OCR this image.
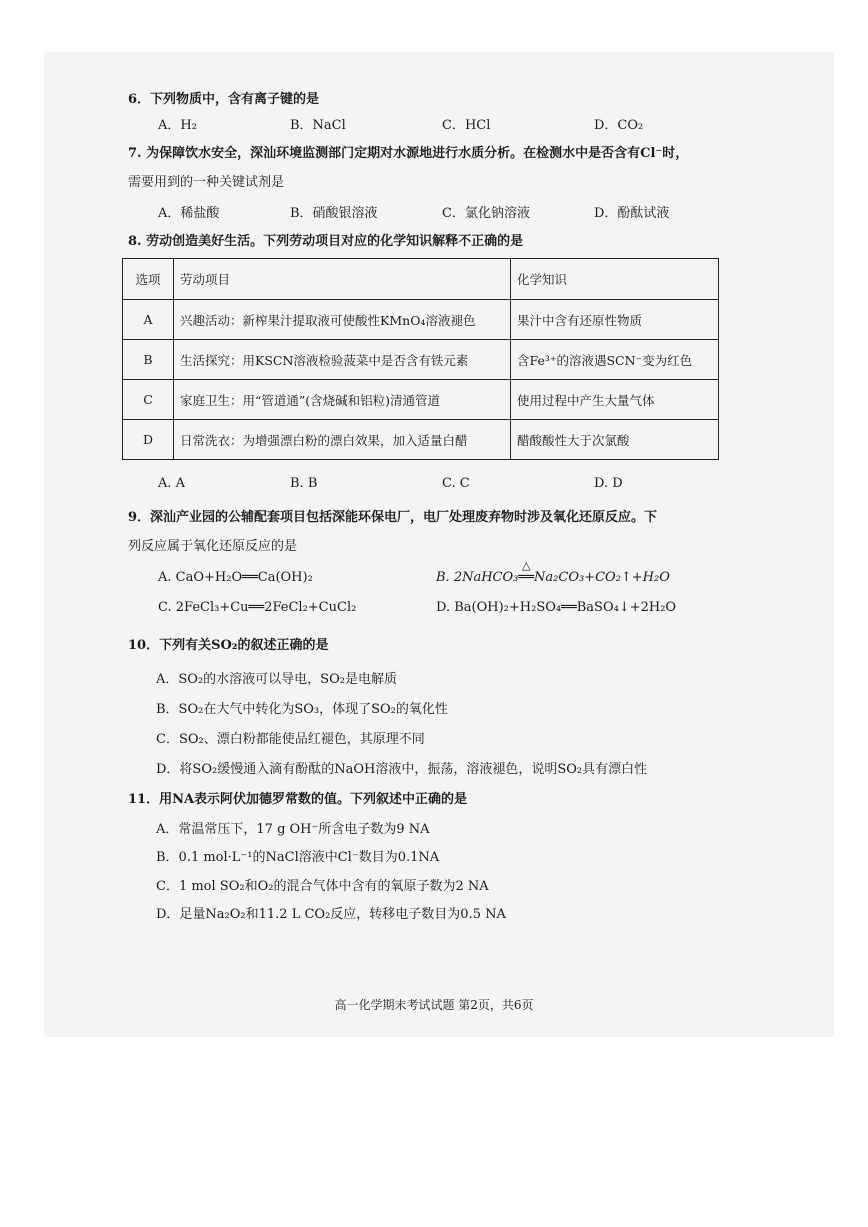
6．下列物质中，含有离子键的是
A．H₂	B．NaCl	C．HCl	D．CO₂
7. 为保障饮水安全，深汕环境监测部门定期对水源地进行水质分析。在检测水中是否含有Cl⁻时，
需要用到的一种关键试剂是
A．稀盐酸	B．硝酸银溶液	C．氯化钠溶液	D．酚酞试液
8. 劳动创造美好生活。下列劳动项目对应的化学知识解释不正确的是
选项	劳动项目	化学知识
A	兴趣活动：新榨果汁提取液可使酸性KMnO₄溶液褪色	果汁中含有还原性物质
B	生活探究：用KSCN溶液检验菠菜中是否含有铁元素	含Fe³⁺的溶液遇SCN⁻变为红色
C	家庭卫生：用“管道通”(含烧碱和铝粒)清通管道	使用过程中产生大量气体
D	日常洗衣：为增强漂白粉的漂白效果，加入适量白醋	醋酸酸性大于次氯酸
A. A	B. B	C. C	D. D
9．深汕产业园的公辅配套项目包括深能环保电厂，电厂处理废弃物时涉及氧化还原反应。下
列反应属于氧化还原反应的是
A. CaO+H₂O══Ca(OH)₂	B. 2NaHCO₃
△
══Na₂CO₃+CO₂↑+H₂O
C. 2FeCl₃+Cu══2FeCl₂+CuCl₂	D. Ba(OH)₂+H₂SO₄══BaSO₄↓+2H₂O
10．下列有关SO₂的叙述正确的是
A．SO₂的水溶液可以导电，SO₂是电解质
B．SO₂在大气中转化为SO₃，体现了SO₂的氧化性
C．SO₂、漂白粉都能使品红褪色，其原理不同
D．将SO₂缓慢通入滴有酚酞的NaOH溶液中，振荡，溶液褪色，说明SO₂具有漂白性
11．用NA表示阿伏加德罗常数的值。下列叙述中正确的是
A．常温常压下，17 g OH⁻所含电子数为9 NA
B．0.1 mol·L⁻¹的NaCl溶液中Cl⁻数目为0.1NA
C．1 mol SO₂和O₂的混合气体中含有的氧原子数为2 NA
D．足量Na₂O₂和11.2 L CO₂反应，转移电子数目为0.5 NA
高一化学期末考试试题 第2页，共6页
